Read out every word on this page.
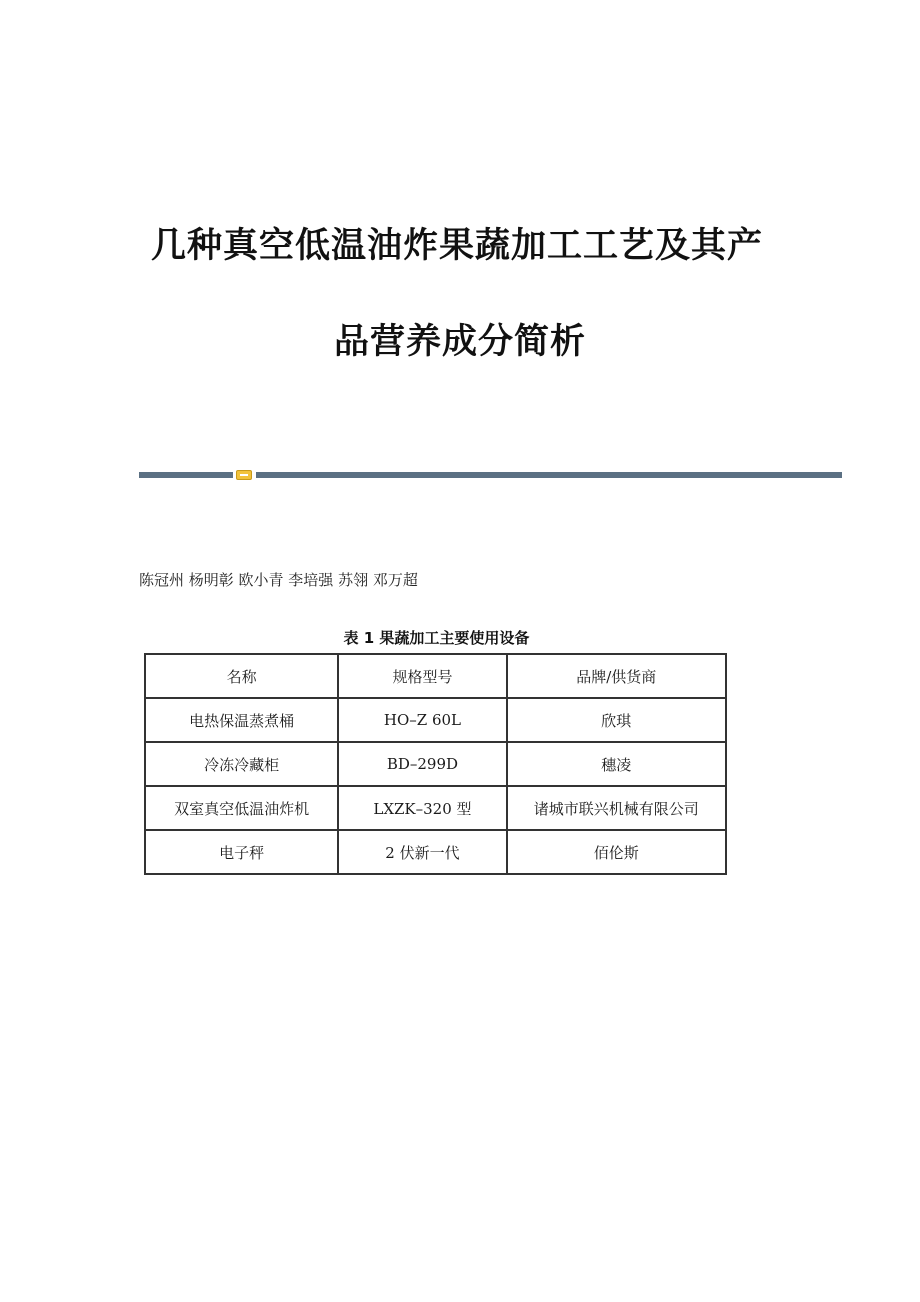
几种真空低温油炸果蔬加工工艺及其产
品营养成分简析
陈冠州 杨明彰 欧小青 李培强 苏翎 邓万超
表 1 果蔬加工主要使用设备
名称	规格型号	品牌/供货商
电热保温蒸煮桶	HO–Z 60L	欣琪
冷冻冷藏柜	BD–299D	穗凌
双室真空低温油炸机	LXZK–320 型	诸城市联兴机械有限公司
电子秤	2 伏新一代	佰伦斯
